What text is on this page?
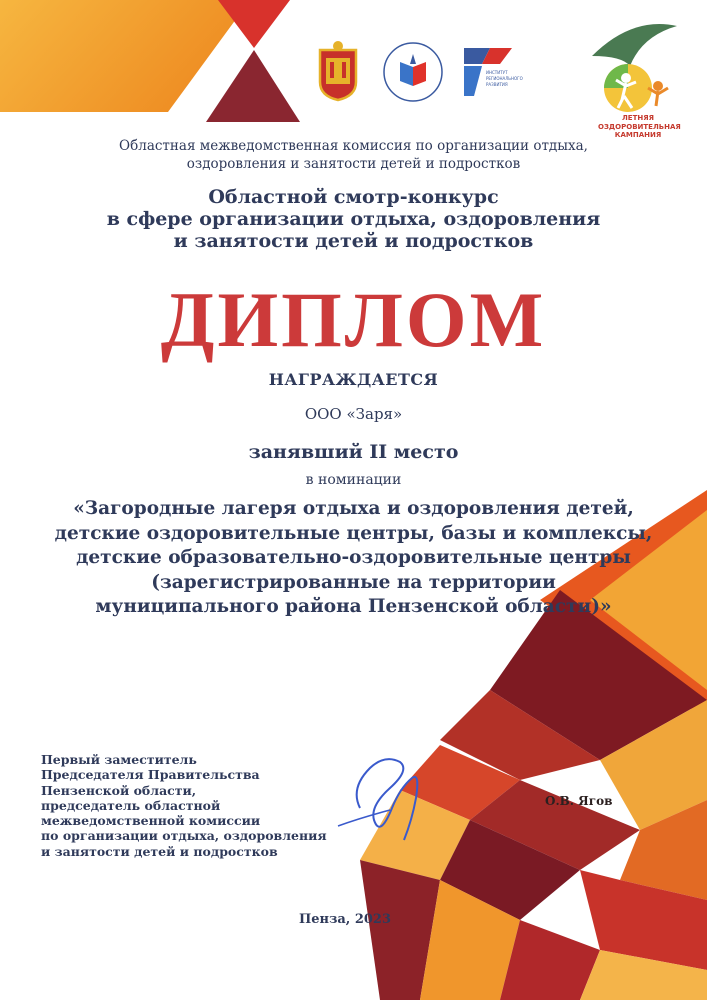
ИНСТИТУТ
РЕГИОНАЛЬНОГО
РАЗВИТИЯ
ЛЕТНЯЯ
ОЗДОРОВИТЕЛЬНАЯ
КАМПАНИЯ
Областная межведомственная комиссия по организации отдыха,
оздоровления и занятости детей и подростков
Областной смотр-конкурс
в сфере организации отдыха, оздоровления
и занятости детей и подростков
ДИПЛОМ
НАГРАЖДАЕТСЯ
ООО «Заря»
занявший II место
в номинации
«Загородные лагеря отдыха и оздоровления детей,
детские оздоровительные центры, базы и комплексы,
детские образовательно-оздоровительные центры
(зарегистрированные на территории
муниципального района Пензенской области)»
Первый заместитель
Председателя Правительства
Пензенской области,
председатель областной
межведомственной комиссии
по организации отдыха, оздоровления
и занятости детей и подростков
О.В. Ягов
Пенза, 2023
